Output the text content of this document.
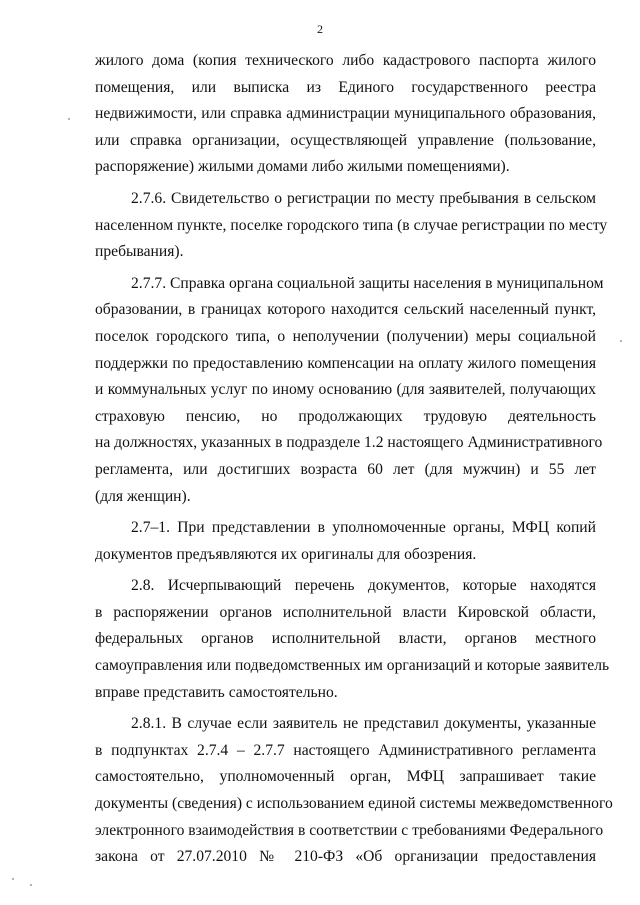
2
жилого дома (копия технического либо кадастрового паспорта жилого
помещения, или выписка из Единого государственного реестра
недвижимости, или справка администрации муниципального образования,
или справка организации, осуществляющей управление (пользование,
распоряжение) жилыми домами либо жилыми помещениями).
2.7.6. Свидетельство о регистрации по месту пребывания в сельском
населенном пункте, поселке городского типа (в случае регистрации по месту
пребывания).
2.7.7. Справка органа социальной защиты населения в муниципальном
образовании, в границах которого находится сельский населенный пункт,
поселок городского типа, о неполучении (получении) меры социальной
поддержки по предоставлению компенсации на оплату жилого помещения
и коммунальных услуг по иному основанию (для заявителей, получающих
страховую пенсию, но продолжающих трудовую деятельность
на должностях, указанных в подразделе 1.2 настоящего Административного
регламента, или достигших возраста 60 лет (для мужчин) и 55 лет
(для женщин).
2.7–1. При представлении в уполномоченные органы, МФЦ копий
документов предъявляются их оригиналы для обозрения.
2.8. Исчерпывающий перечень документов, которые находятся
в распоряжении органов исполнительной власти Кировской области,
федеральных органов исполнительной власти, органов местного
самоуправления или подведомственных им организаций и которые заявитель
вправе представить самостоятельно.
2.8.1. В случае если заявитель не представил документы, указанные
в подпунктах 2.7.4 – 2.7.7 настоящего Административного регламента
самостоятельно, уполномоченный орган, МФЦ запрашивает такие
документы (сведения) с использованием единой системы межведомственного
электронного взаимодействия в соответствии с требованиями Федерального
закона от 27.07.2010 № 210-ФЗ «Об организации предоставления
